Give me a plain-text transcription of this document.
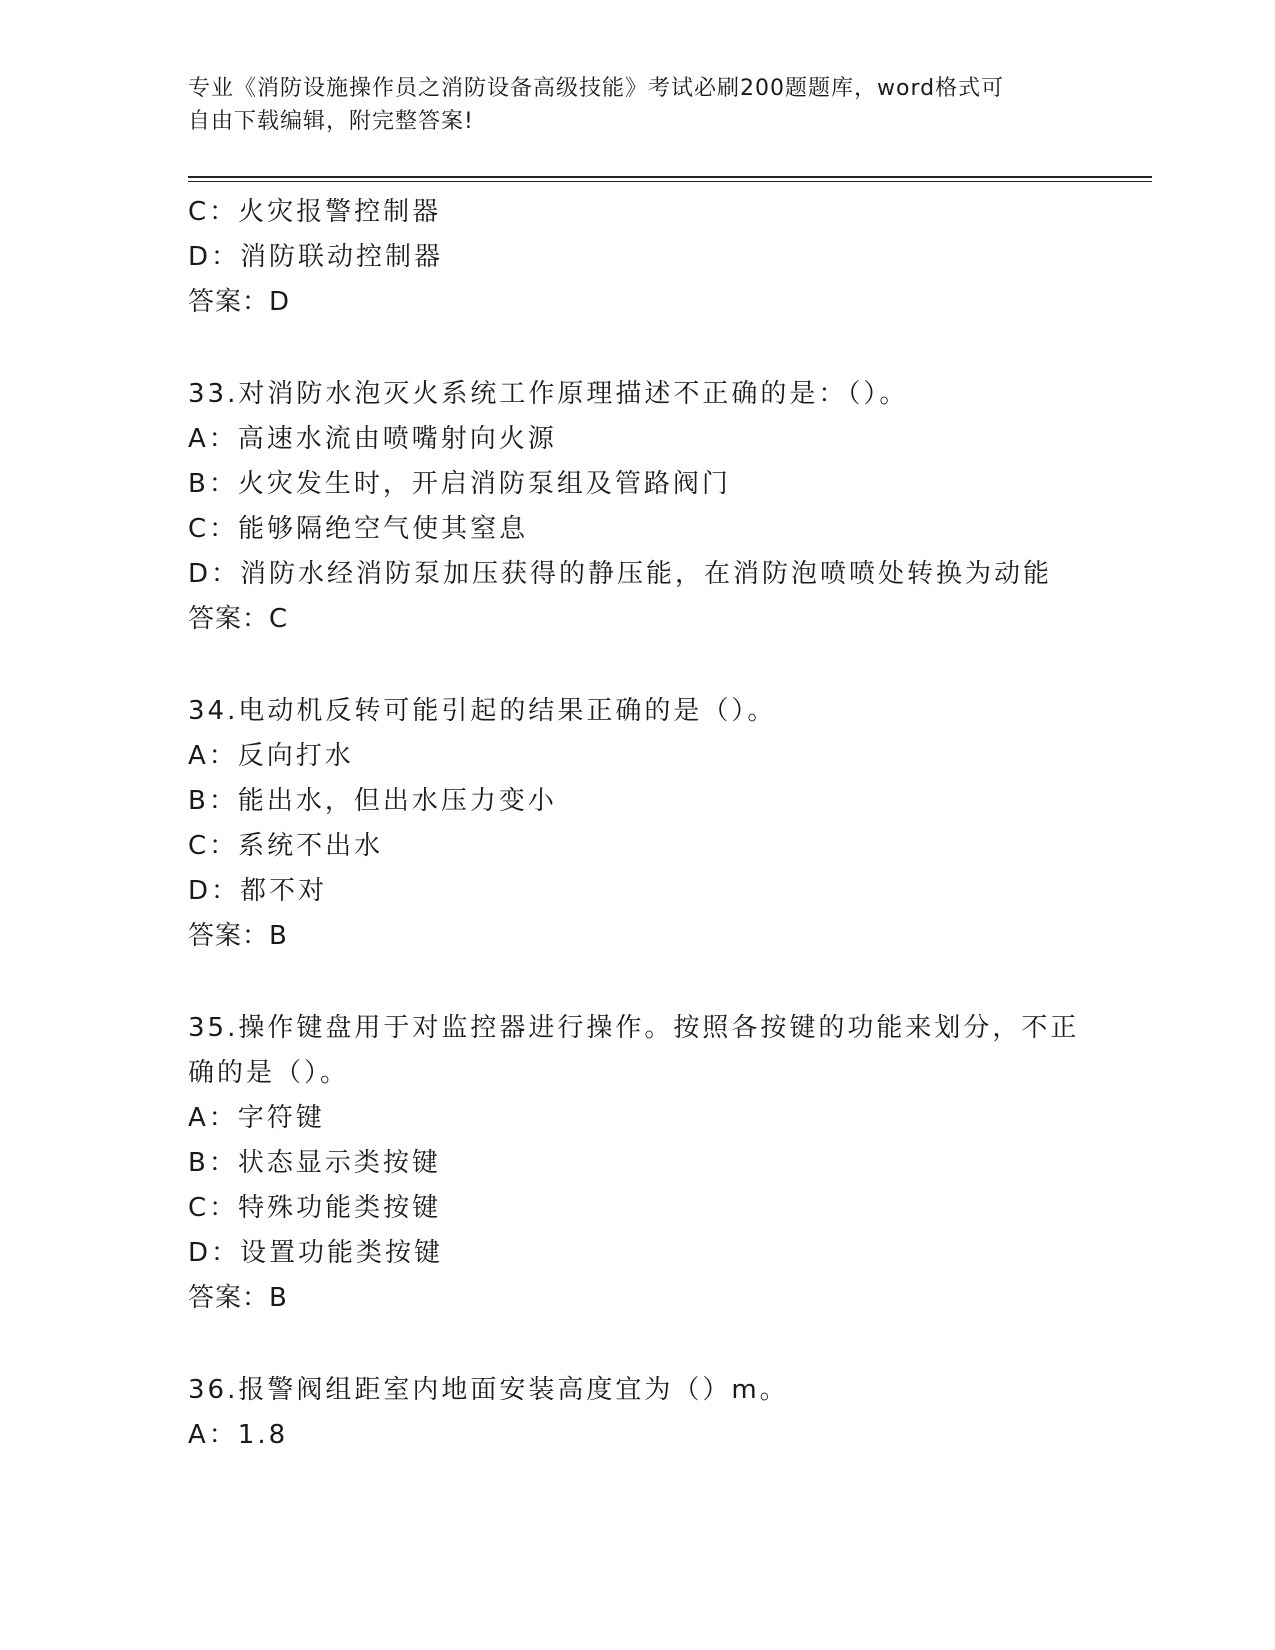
专业《消防设施操作员之消防设备高级技能》考试必刷200题题库，word格式可
自由下载编辑，附完整答案!
C：火灾报警控制器
D：消防联动控制器
答案：D
33.对消防水泡灭火系统工作原理描述不正确的是：（）。
A：高速水流由喷嘴射向火源
B：火灾发生时，开启消防泵组及管路阀门
C：能够隔绝空气使其窒息
D：消防水经消防泵加压获得的静压能，在消防泡喷喷处转换为动能
答案：C
34.电动机反转可能引起的结果正确的是（）。
A：反向打水
B：能出水，但出水压力变小
C：系统不出水
D：都不对
答案：B
35.操作键盘用于对监控器进行操作。按照各按键的功能来划分，不正
确的是（）。
A：字符键
B：状态显示类按键
C：特殊功能类按键
D：设置功能类按键
答案：B
36.报警阀组距室内地面安装高度宜为（）m。
A：1.8
